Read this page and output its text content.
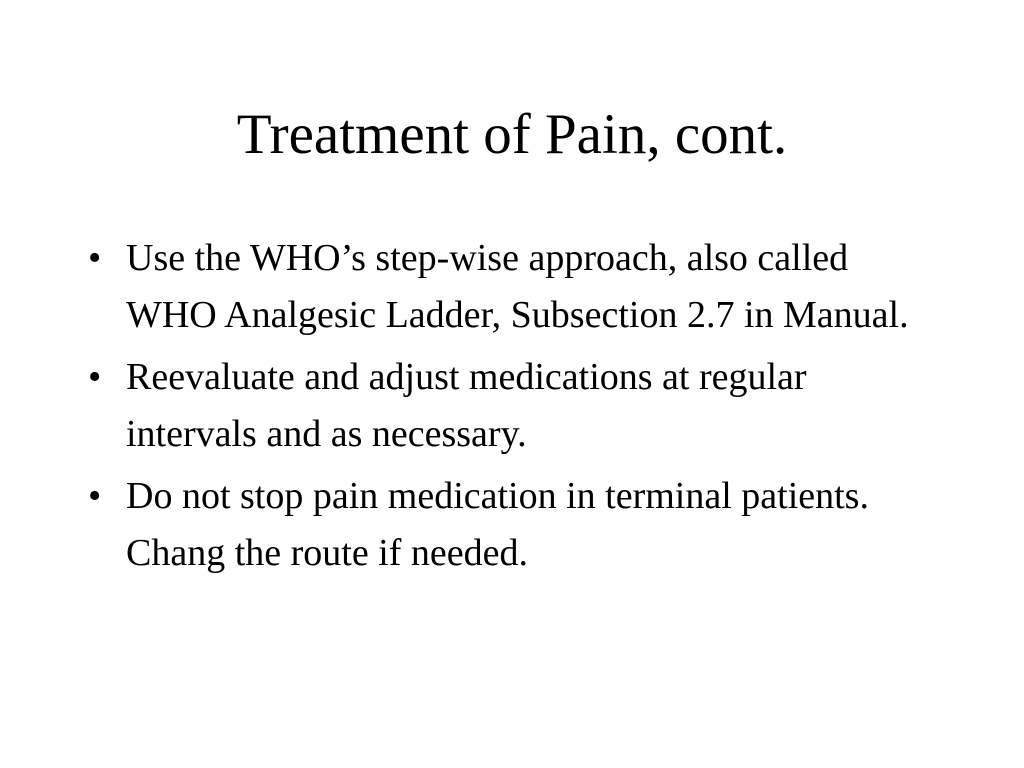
Treatment of Pain, cont.
• Use the WHO’s step-wise approach, also called WHO Analgesic Ladder, Subsection 2.7 in Manual.
• Reevaluate and adjust medications at regular intervals and as necessary.
• Do not stop pain medication in terminal patients. Chang the route if needed.
